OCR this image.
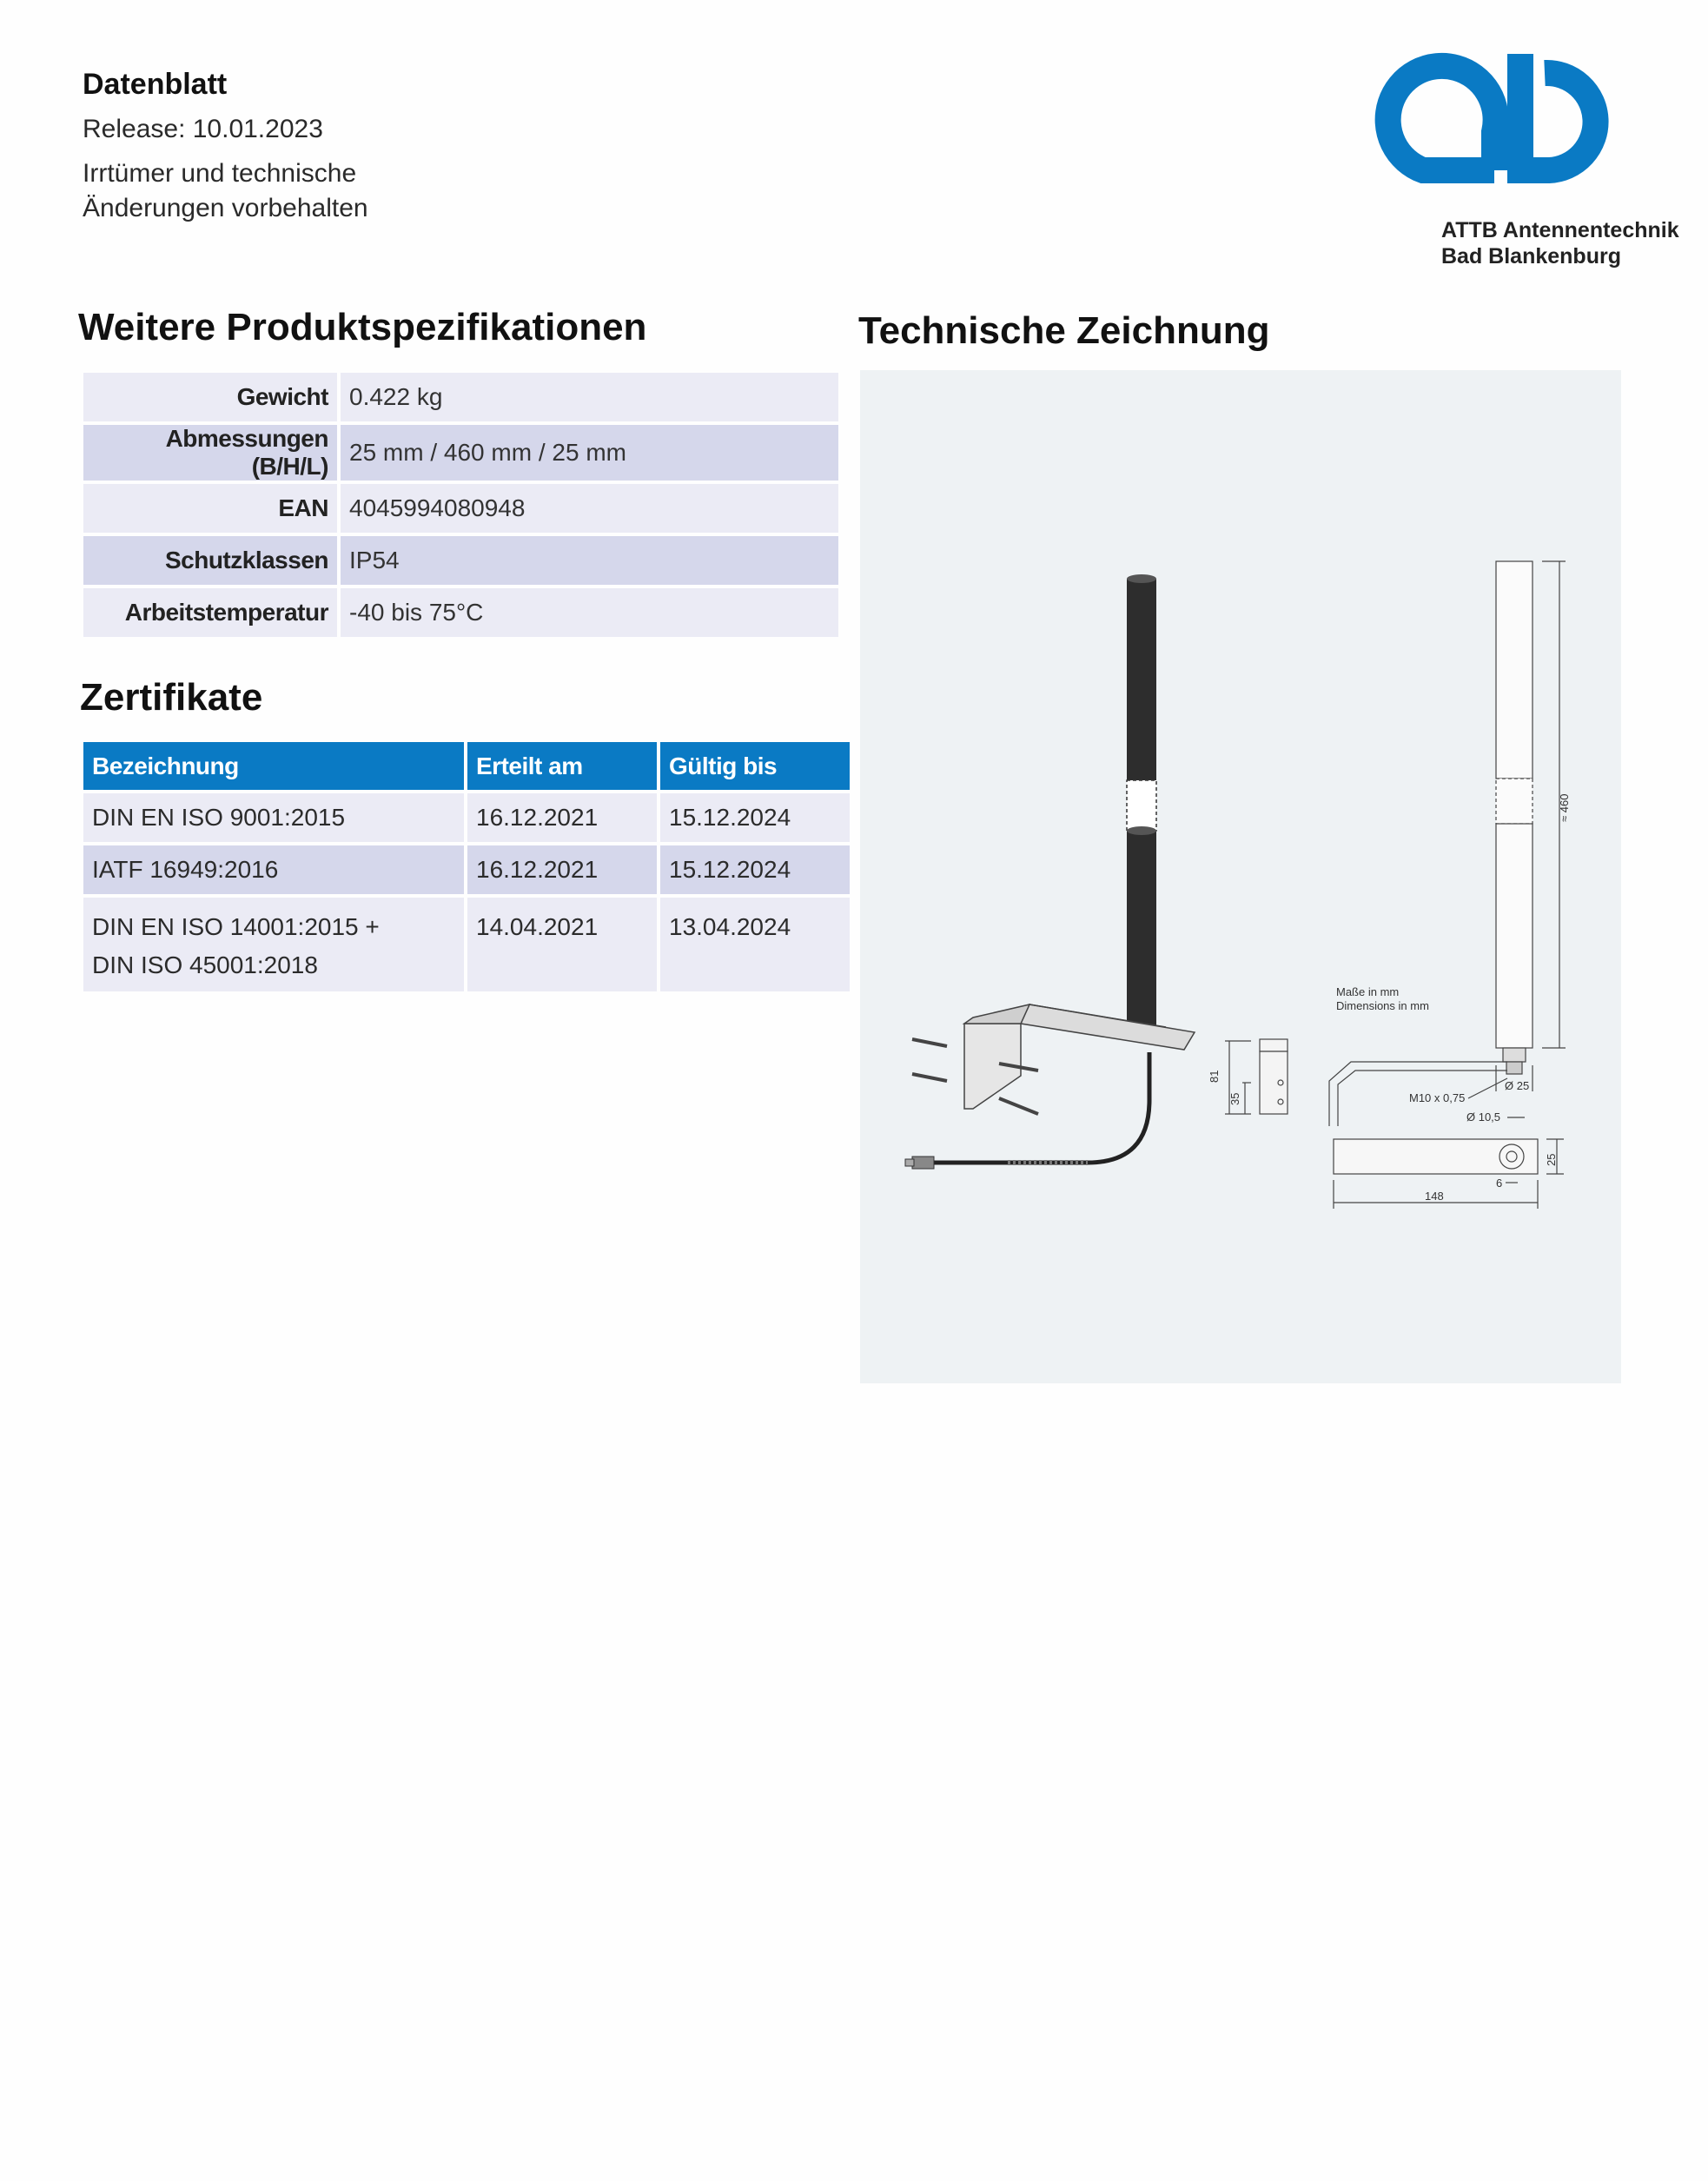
Datenblatt
Release: 10.01.2023
Irrtümer und technische
Änderungen vorbehalten
ATTB Antennentechnik
Bad Blankenburg
Weitere Produktspezifikationen
Gewicht	0.422 kg
Abmessungen (B/H/L)	25 mm / 460 mm / 25 mm
EAN	4045994080948
Schutzklassen	IP54
Arbeitstemperatur	-40 bis 75°C
Zertifikate
Bezeichnung	Erteilt am	Gültig bis
DIN EN ISO 9001:2015	16.12.2021	15.12.2024
IATF 16949:2016	16.12.2021	15.12.2024

DIN EN ISO 14001:2015 +
DIN ISO 45001:2018	14.04.2021	13.04.2024
Technische Zeichnung
81
35
≈ 460
Maße in mm
Dimensions in mm
Ø 25
M10 x 0,75
Ø 10,5
25
6
148
